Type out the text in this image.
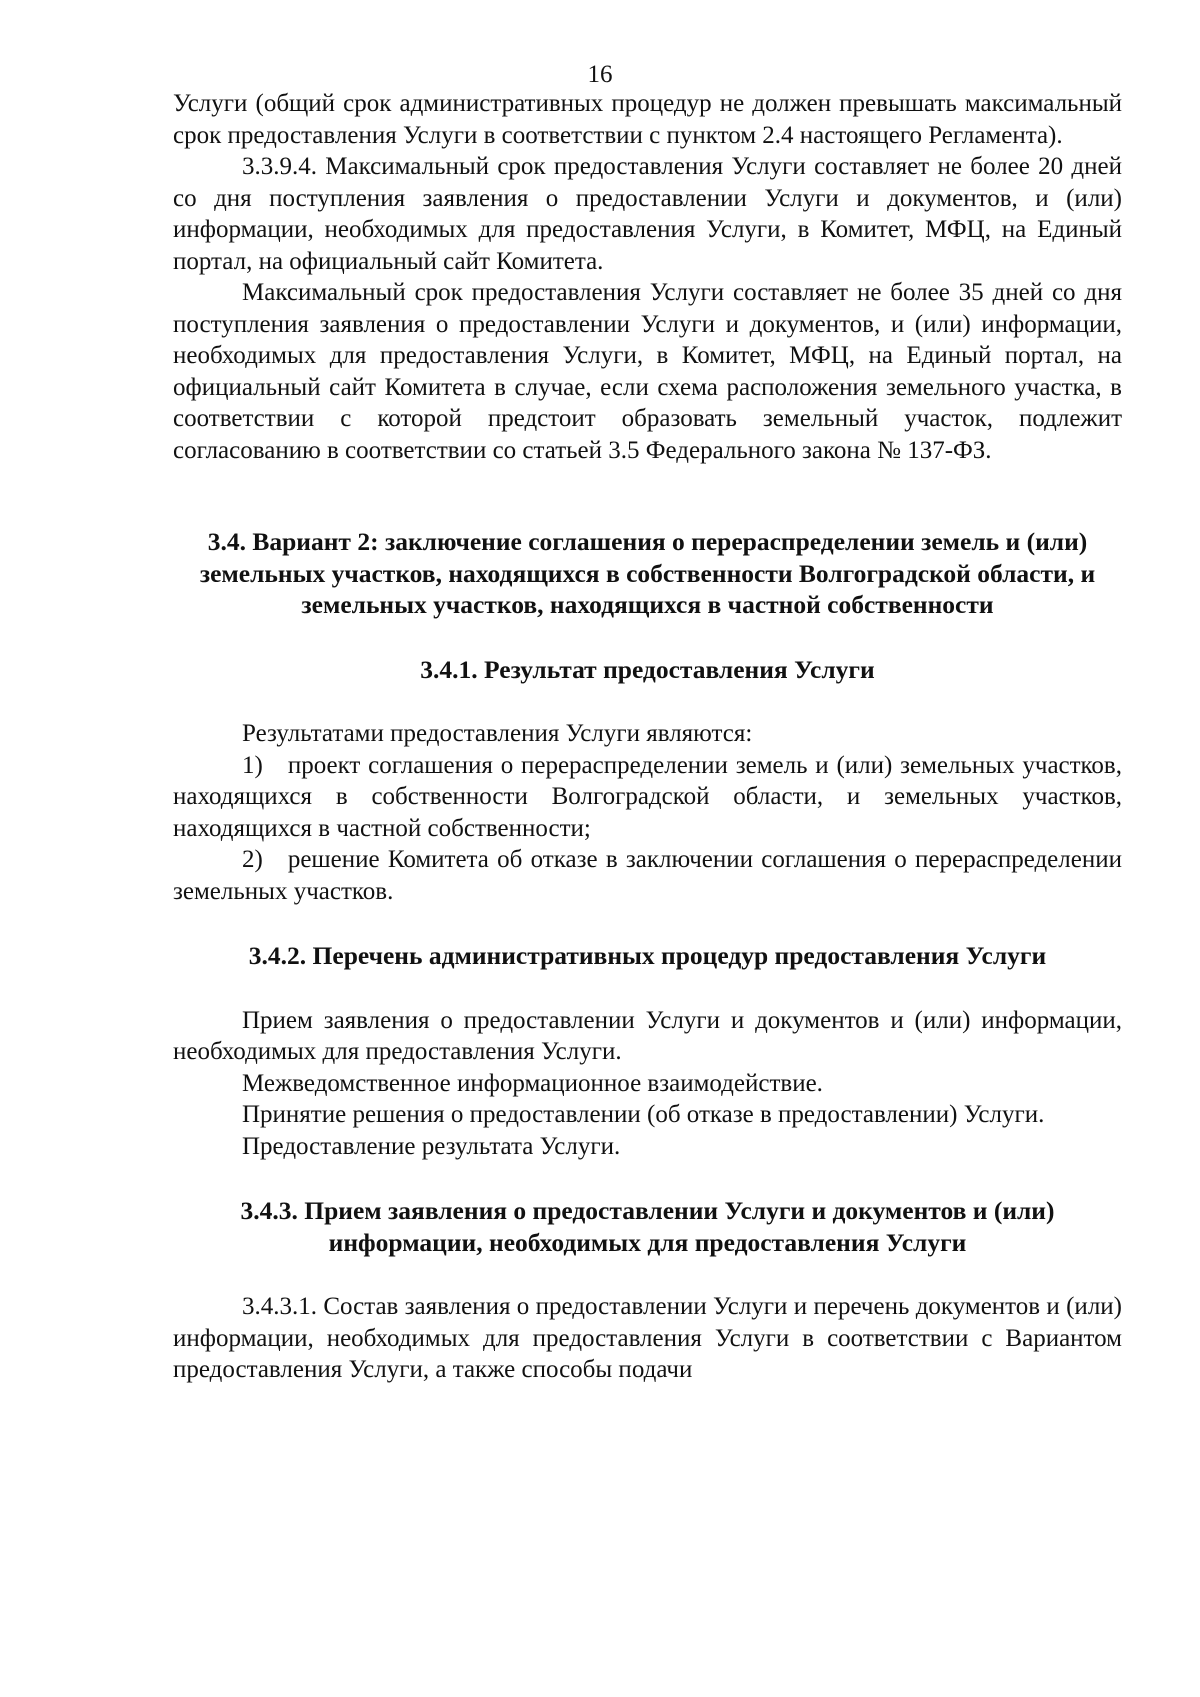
16

Услуги (общий срок административных процедур не должен превышать максимальный срок предоставления Услуги в соответствии с пунктом 2.4 настоящего Регламента).

3.3.9.4. Максимальный срок предоставления Услуги составляет не более 20 дней со дня поступления заявления о предоставлении Услуги и документов, и (или) информации, необходимых для предоставления Услуги, в Комитет, МФЦ, на Единый портал, на официальный сайт Комитета.

Максимальный срок предоставления Услуги составляет не более 35 дней со дня поступления заявления о предоставлении Услуги и документов, и (или) информации, необходимых для предоставления Услуги, в Комитет, МФЦ, на Единый портал, на официальный сайт Комитета в случае, если схема расположения земельного участка, в соответствии с которой предстоит образовать земельный участок, подлежит согласованию в соответствии со статьей 3.5 Федерального закона № 137-ФЗ.

3.4. Вариант 2: заключение соглашения о перераспределении земель и (или) земельных участков, находящихся в собственности Волгоградской области, и земельных участков, находящихся в частной собственности
3.4.1. Результат предоставления Услуги

Результатами предоставления Услуги являются:

1) проект соглашения о перераспределении земель и (или) земельных участков, находящихся в собственности Волгоградской области, и земельных участков, находящихся в частной собственности;

2) решение Комитета об отказе в заключении соглашения о перераспределении земельных участков.

3.4.2. Перечень административных процедур предоставления Услуги

Прием заявления о предоставлении Услуги и документов и (или) информации, необходимых для предоставления Услуги.

Межведомственное информационное взаимодействие.

Принятие решения о предоставлении (об отказе в предоставлении) Услуги.

Предоставление результата Услуги.

3.4.3. Прием заявления о предоставлении Услуги и документов и (или) информации, необходимых для предоставления Услуги

3.4.3.1. Состав заявления о предоставлении Услуги и перечень документов и (или) информации, необходимых для предоставления Услуги в соответствии с Вариантом предоставления Услуги, а также способы подачи
